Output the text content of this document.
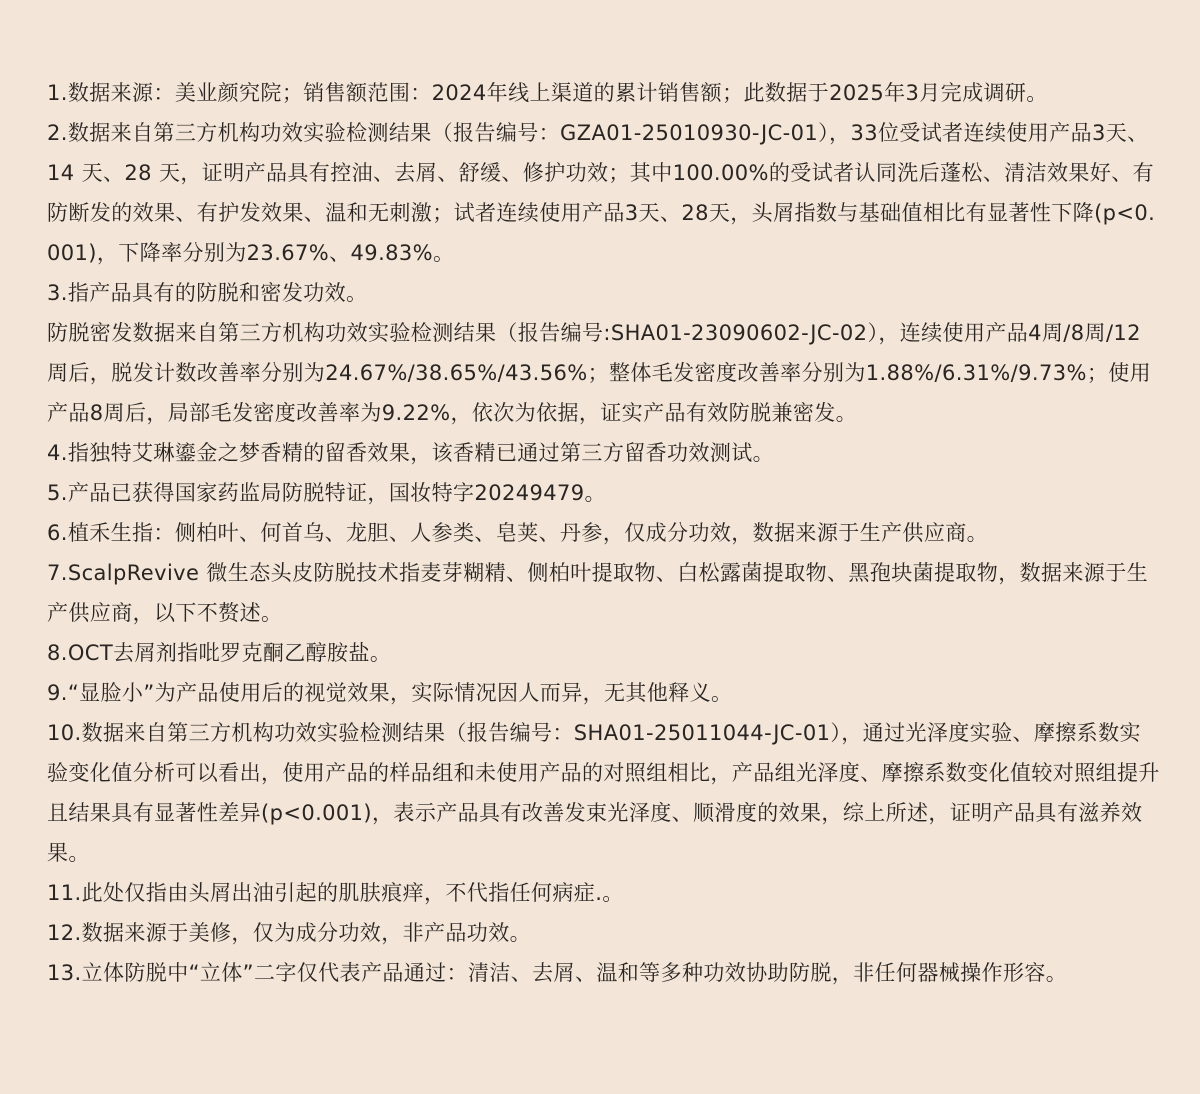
1.数据来源：美业颜究院；销售额范围：2024年线上渠道的累计销售额；此数据于2025年3月完成调研。
2.数据来自第三方机构功效实验检测结果（报告编号：GZA01-25010930-JC-01），33位受试者连续使用产品3天、14 天、28 天，证明产品具有控油、去屑、舒缓、修护功效；其中100.00%的受试者认同洗后蓬松、清洁效果好、有防断发的效果、有护发效果、温和无刺激；试者连续使用产品3天、28天，头屑指数与基础值相比有显著性下降(p<0.001)，下降率分别为23.67%、49.83%。
3.指产品具有的防脱和密发功效。
防脱密发数据来自第三方机构功效实验检测结果（报告编号:SHA01-23090602-JC-02），连续使用产品4周/8周/12周后，脱发计数改善率分别为24.67%/38.65%/43.56%；整体毛发密度改善率分别为1.88%/6.31%/9.73%；使用产品8周后，局部毛发密度改善率为9.22%，依次为依据，证实产品有效防脱兼密发。
4.指独特艾琳鎏金之梦香精的留香效果，该香精已通过第三方留香功效测试。
5.产品已获得国家药监局防脱特证，国妆特字20249479。
6.植禾生指：侧柏叶、何首乌、龙胆、人参类、皂荚、丹参，仅成分功效，数据来源于生产供应商。
7.ScalpRevive 微生态头皮防脱技术指麦芽糊精、侧柏叶提取物、白松露菌提取物、黑孢块菌提取物，数据来源于生产供应商，以下不赘述。
8.OCT去屑剂指吡罗克酮乙醇胺盐。
9.“显脸小”为产品使用后的视觉效果，实际情况因人而异，无其他释义。
10.数据来自第三方机构功效实验检测结果（报告编号：SHA01-25011044-JC-01），通过光泽度实验、摩擦系数实验变化值分析可以看出，使用产品的样品组和未使用产品的对照组相比，产品组光泽度、摩擦系数变化值较对照组提升且结果具有显著性差异(p<0.001)，表示产品具有改善发束光泽度、顺滑度的效果，综上所述，证明产品具有滋养效果。
11.此处仅指由头屑出油引起的肌肤痕痒，不代指任何病症.。
12.数据来源于美修，仅为成分功效，非产品功效。
13.立体防脱中“立体”二字仅代表产品通过：清洁、去屑、温和等多种功效协助防脱，非任何器械操作形容。
